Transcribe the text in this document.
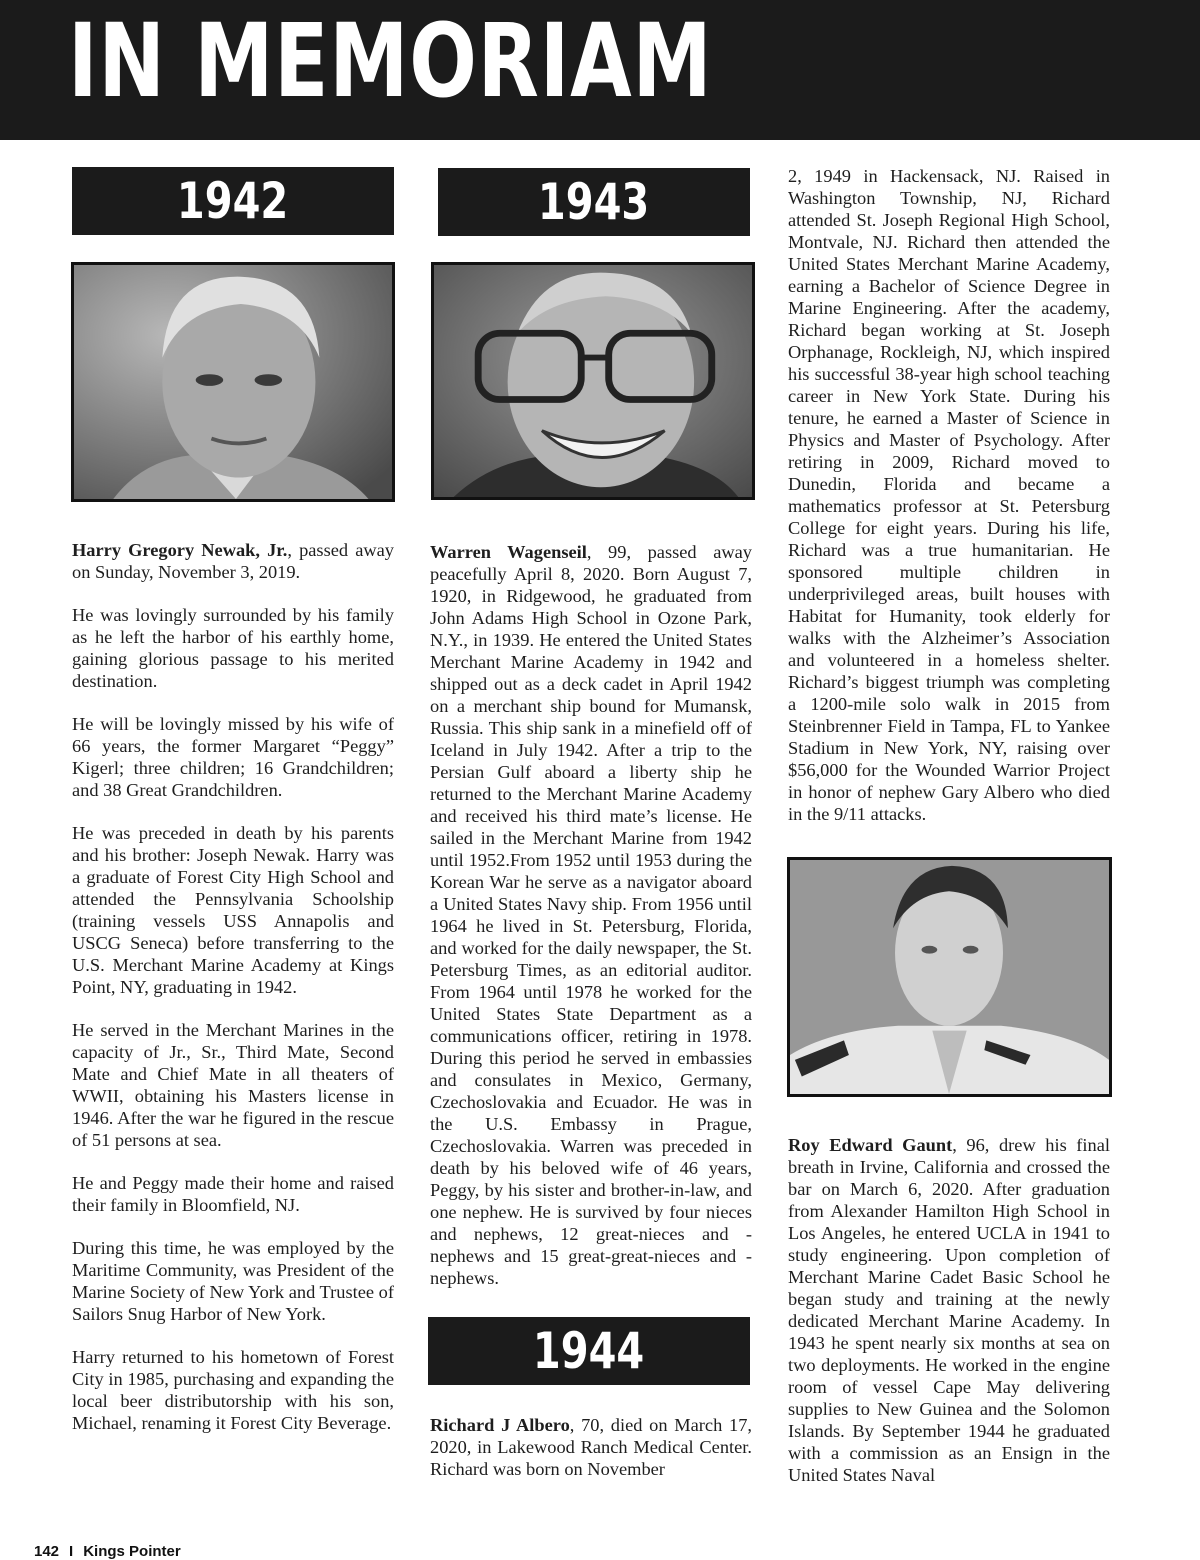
IN MEMORIAM
1942	1943
1944

Harry Gregory Newak, Jr., passed away on Sunday, November 3, 2019.

He was lovingly surrounded by his family as he left the harbor of his earthly home, gaining glorious passage to his merited destination.

He will be lovingly missed by his wife of 66 years, the former Margaret “Peggy” Kigerl; three children; 16 Grandchildren; and 38 Great Grandchildren.

He was preceded in death by his parents and his brother: Joseph Newak. Harry was a graduate of Forest City High School and attended the Pennsylvania Schoolship (training vessels USS Annapolis and USCG Seneca) before transferring to the U.S. Merchant Marine Academy at Kings Point, NY, graduating in 1942.

He served in the Merchant Marines in the capacity of Jr., Sr., Third Mate, Second Mate and Chief Mate in all theaters of WWII, obtaining his Masters license in 1946. After the war he figured in the rescue of 51 persons at sea.

He and Peggy made their home and raised their family in Bloomfield, NJ.

During this time, he was employed by the Maritime Community, was President of the Marine Society of New York and Trustee of Sailors Snug Harbor of New York.

Harry returned to his hometown of Forest City in 1985, purchasing and expanding the local beer distributorship with his son, Michael, renaming it Forest City Beverage.

Warren Wagenseil, 99, passed away peacefully April 8, 2020. Born August 7, 1920, in Ridgewood, he graduated from John Adams High School in Ozone Park, N.Y., in 1939. He entered the United States Merchant Marine Academy in 1942 and shipped out as a deck cadet in April 1942 on a merchant ship bound for Mumansk, Russia. This ship sank in a minefield off of Iceland in July 1942. After a trip to the Persian Gulf aboard a liberty ship he returned to the Merchant Marine Academy and received his third mate’s license. He sailed in the Merchant Marine from 1942 until 1952.From 1952 until 1953 during the Korean War he serve as a navigator aboard a United States Navy ship. From 1956 until 1964 he lived in St. Petersburg, Florida, and worked for the daily newspaper, the St. Petersburg Times, as an editorial auditor. From 1964 until 1978 he worked for the United States State Department as a communications officer, retiring in 1978. During this period he served in embassies and consulates in Mexico, Germany, Czechoslovakia and Ecuador. He was in the U.S. Embassy in Prague, Czechoslovakia. Warren was preceded in death by his beloved wife of 46 years, Peggy, by his sister and brother-in-law, and one nephew. He is survived by four nieces and nephews, 12 great-nieces and -nephews and 15 great-great-nieces and -nephews.

Richard J Albero, 70, died on March 17, 2020, in Lakewood Ranch Medical Center. Richard was born on November

2, 1949 in Hackensack, NJ. Raised in Washington Township, NJ, Richard attended St. Joseph Regional High School, Montvale, NJ. Richard then attended the United States Merchant Marine Academy, earning a Bachelor of Science Degree in Marine Engineering. After the academy, Richard began working at St. Joseph Orphanage, Rockleigh, NJ, which inspired his successful 38-year high school teaching career in New York State. During his tenure, he earned a Master of Science in Physics and Master of Psychology. After retiring in 2009, Richard moved to Dunedin, Florida and became a mathematics professor at St. Petersburg College for eight years. During his life, Richard was a true humanitarian. He sponsored multiple children in underprivileged areas, built houses with Habitat for Humanity, took elderly for walks with the Alzheimer’s Association and volunteered in a homeless shelter. Richard’s biggest triumph was completing a 1200-mile solo walk in 2015 from Steinbrenner Field in Tampa, FL to Yankee Stadium in New York, NY, raising over $56,000 for the Wounded Warrior Project in honor of nephew Gary Albero who died in the 9/11 attacks.

Roy Edward Gaunt, 96, drew his final breath in Irvine, California and crossed the bar on March 6, 2020. After graduation from Alexander Hamilton High School in Los Angeles, he entered UCLA in 1941 to study engineering. Upon completion of Merchant Marine Cadet Basic School he began study and training at the newly dedicated Merchant Marine Academy. In 1943 he spent nearly six months at sea on two deployments. He worked in the engine room of vessel Cape May delivering supplies to New Guinea and the Solomon Islands. By September 1944 he graduated with a commission as an Ensign in the United States Naval

142 I Kings Pointer
